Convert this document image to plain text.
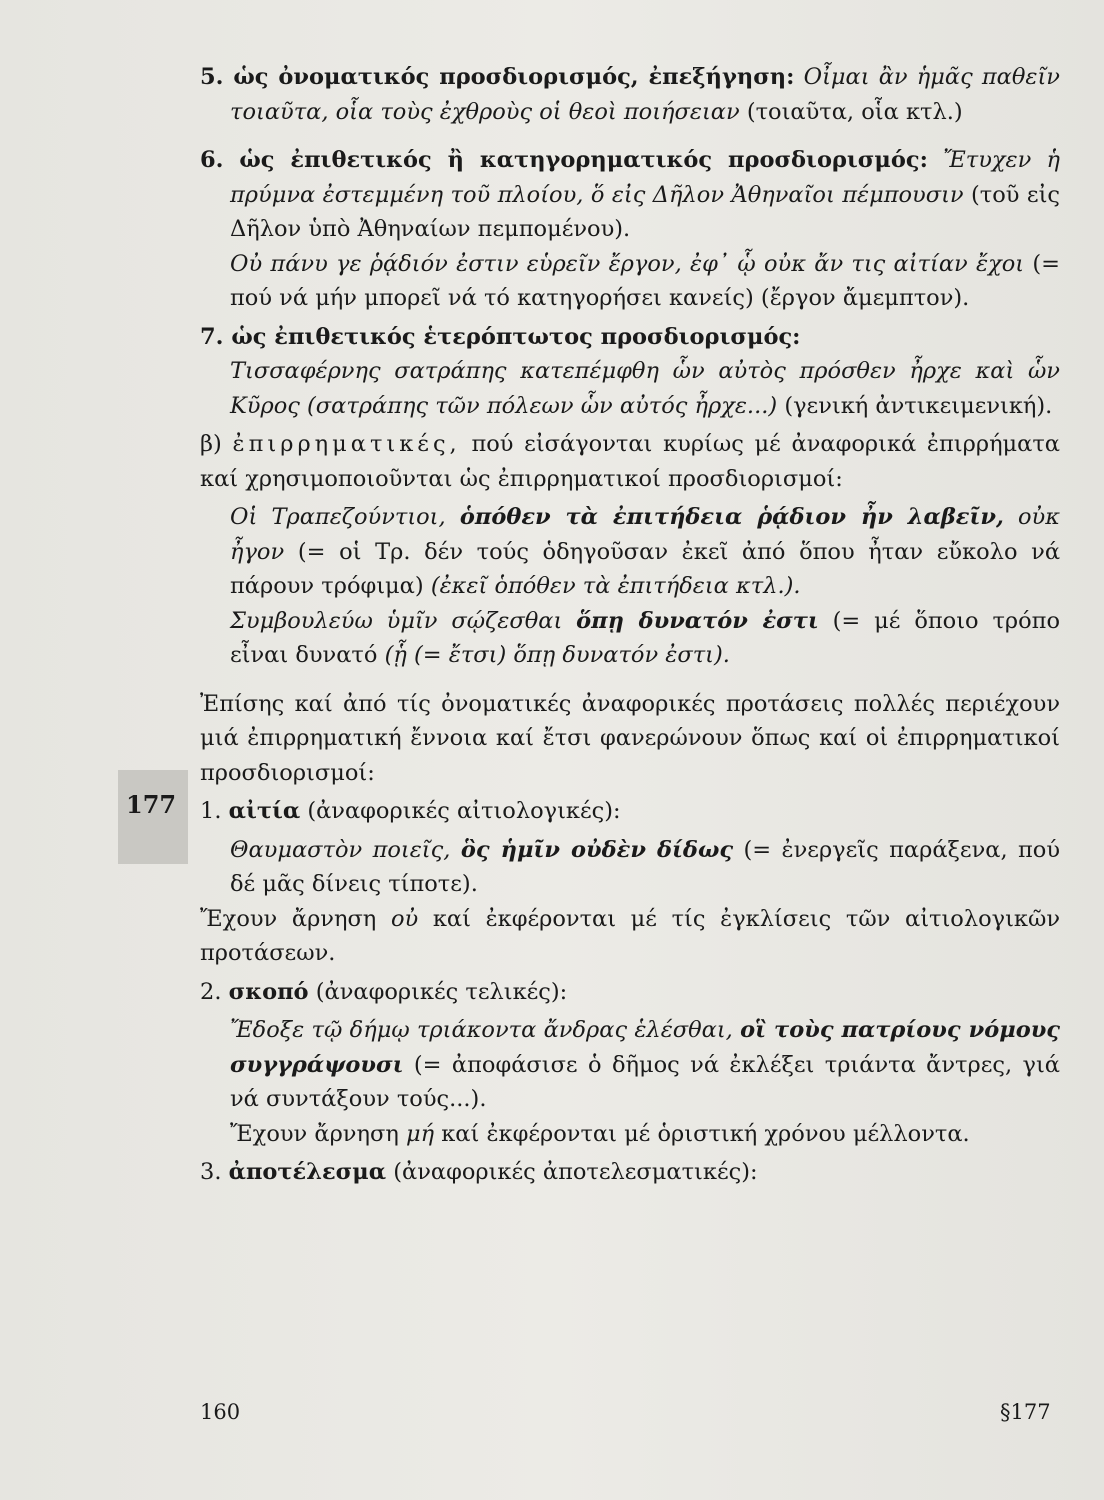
177

5. ὡς ὀνοματικός προσδιορισμός, ἐπεξήγηση: Οἶμαι ἂν ἡμᾶς παθεῖν τοιαῦτα, οἷα τοὺς ἐχθροὺς οἱ θεοὶ ποιήσειαν (τοιαῦτα, οἷα κτλ.)

6. ὡς ἐπιθετικός ἢ κατηγορηματικός προσδιορισμός: Ἔτυχεν ἡ πρύμνα ἐστεμμένη τοῦ πλοίου, ὅ εἰς Δῆλον Ἀθηναῖοι πέμπουσιν (τοῦ εἰς Δῆλον ὑπὸ Ἀθηναίων πεμπομένου).

Οὐ πάνυ γε ῥᾴδιόν ἐστιν εὑρεῖν ἔργον, ἐφ᾽ ᾧ οὐκ ἄν τις αἰτίαν ἔχοι (= πού νά μήν μπορεῖ νά τό κατηγορήσει κανείς) (ἔργον ἄμεμπτον).

7. ὡς ἐπιθετικός ἑτερόπτωτος προσδιορισμός:

Τισσαφέρνης σατράπης κατεπέμφθη ὧν αὐτὸς πρόσθεν ἦρχε καὶ ὧν Κῦρος (σατράπης τῶν πόλεων ὧν αὐτός ἦρχε...) (γενική ἀντικειμενική).

β) ἐπιρρηματικές, πού εἰσάγονται κυρίως μέ ἀναφορικά ἐπιρρήματα καί χρησιμοποιοῦνται ὡς ἐπιρρηματικοί προσδιορισμοί:

Οἱ Τραπεζούντιοι, ὁπόθεν τὰ ἐπιτήδεια ῥᾴδιον ἦν λαβεῖν, οὐκ ἦγον (= οἱ Τρ. δέν τούς ὁδηγοῦσαν ἐκεῖ ἀπό ὅπου ἦταν εὔκολο νά πάρουν τρόφιμα) (ἐκεῖ ὁπόθεν τὰ ἐπιτήδεια κτλ.).

Συμβουλεύω ὑμῖν σῴζεσθαι ὅπῃ δυνατόν ἐστι (= μέ ὅποιο τρόπο εἶναι δυνατό (ᾗ (= ἔτσι) ὅπῃ δυνατόν ἐστι).

Ἐπίσης καί ἀπό τίς ὀνοματικές ἀναφορικές προτάσεις πολλές περιέχουν μιά ἐπιρρηματική ἔννοια καί ἔτσι φανερώνουν ὅπως καί οἱ ἐπιρρηματικοί προσδιορισμοί:

1. αἰτία (ἀναφορικές αἰτιολογικές):

Θαυμαστὸν ποιεῖς, ὃς ἡμῖν οὐδὲν δίδως (= ἐνεργεῖς παράξενα, πού δέ μᾶς δίνεις τίποτε).

Ἔχουν ἄρνηση οὐ καί ἐκφέρονται μέ τίς ἐγκλίσεις τῶν αἰτιολογικῶν προτάσεων.

2. σκοπό (ἀναφορικές τελικές):

Ἔδοξε τῷ δήμῳ τριάκοντα ἄνδρας ἑλέσθαι, οἳ τοὺς πατρίους νόμους συγγράψουσι (= ἀποφάσισε ὁ δῆμος νά ἐκλέξει τριάντα ἄντρες, γιά νά συντάξουν τούς...).

Ἔχουν ἄρνηση μή καί ἐκφέρονται μέ ὁριστική χρόνου μέλλοντα.

3. ἀποτέλεσμα (ἀναφορικές ἀποτελεσματικές):

160	§177
